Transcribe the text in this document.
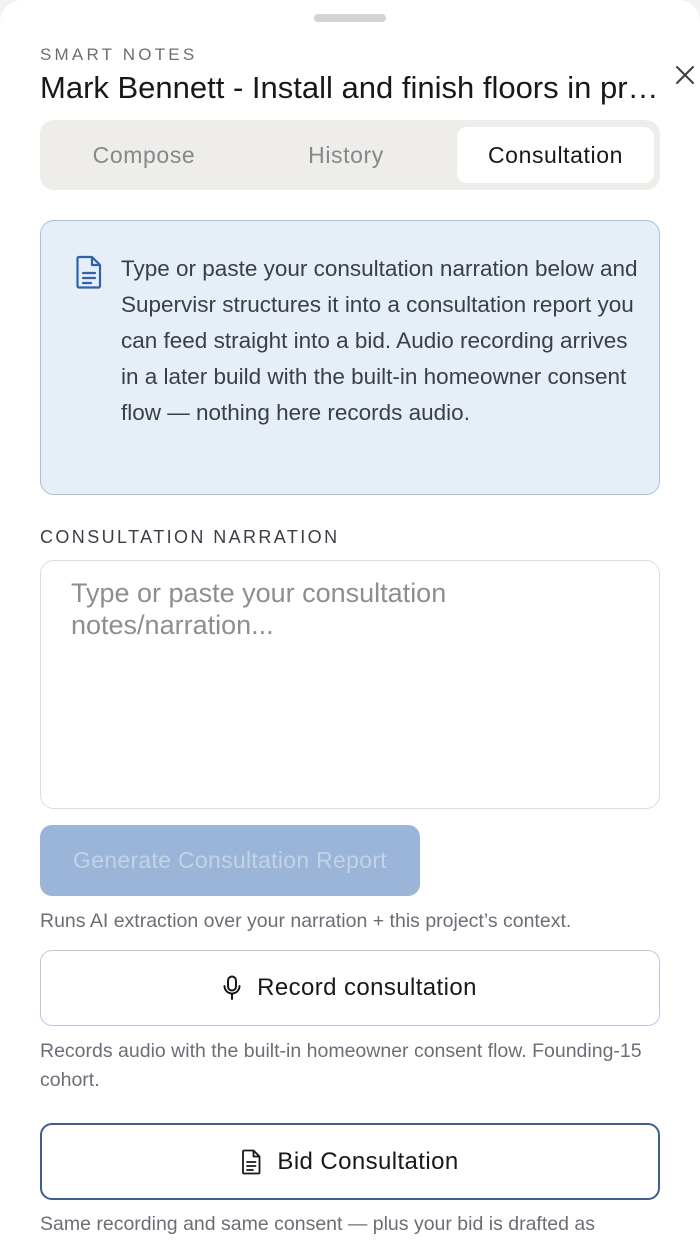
SMART NOTES
Mark Bennett - Install and finish floors in pri...
Compose	History	Consultation
Type or paste your consultation narration below and Supervisr structures it into a consultation report you can feed straight into a bid. Audio recording arrives in a later build with the built-in homeowner consent flow — nothing here records audio.
CONSULTATION NARRATION
Type or paste your consultation notes/narration...
Generate Consultation Report
Runs AI extraction over your narration + this project’s context.
Record consultation
Records audio with the built-in homeowner consent flow. Founding-15 cohort.
Bid Consultation
Same recording and same consent — plus your bid is drafted as
